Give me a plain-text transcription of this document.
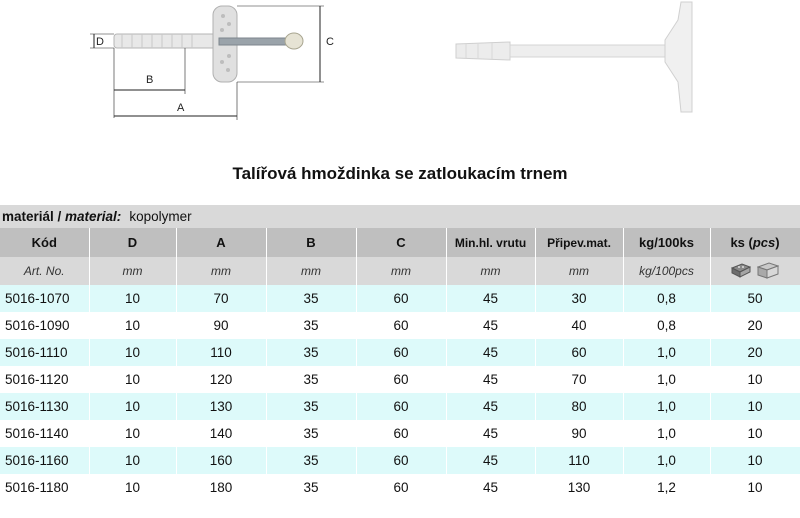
D	C
B
A
Talířová hmoždinka se zatloukacím trnem
materiál / material: kopolymer								
Kód	D	A	B	C	Min.hl. vrutu	Připev.mat.	kg/100ks	ks (pcs)
Art. No.	mm	mm	mm	mm	mm	mm	kg/100pcs	

5016-1070	10	70	35	60	45	30	0,8	50
5016-1090	10	90	35	60	45	40	0,8	20
5016-1110	10	110	35	60	45	60	1,0	20
5016-1120	10	120	35	60	45	70	1,0	10
5016-1130	10	130	35	60	45	80	1,0	10
5016-1140	10	140	35	60	45	90	1,0	10
5016-1160	10	160	35	60	45	110	1,0	10
5016-1180	10	180	35	60	45	130	1,2	10
